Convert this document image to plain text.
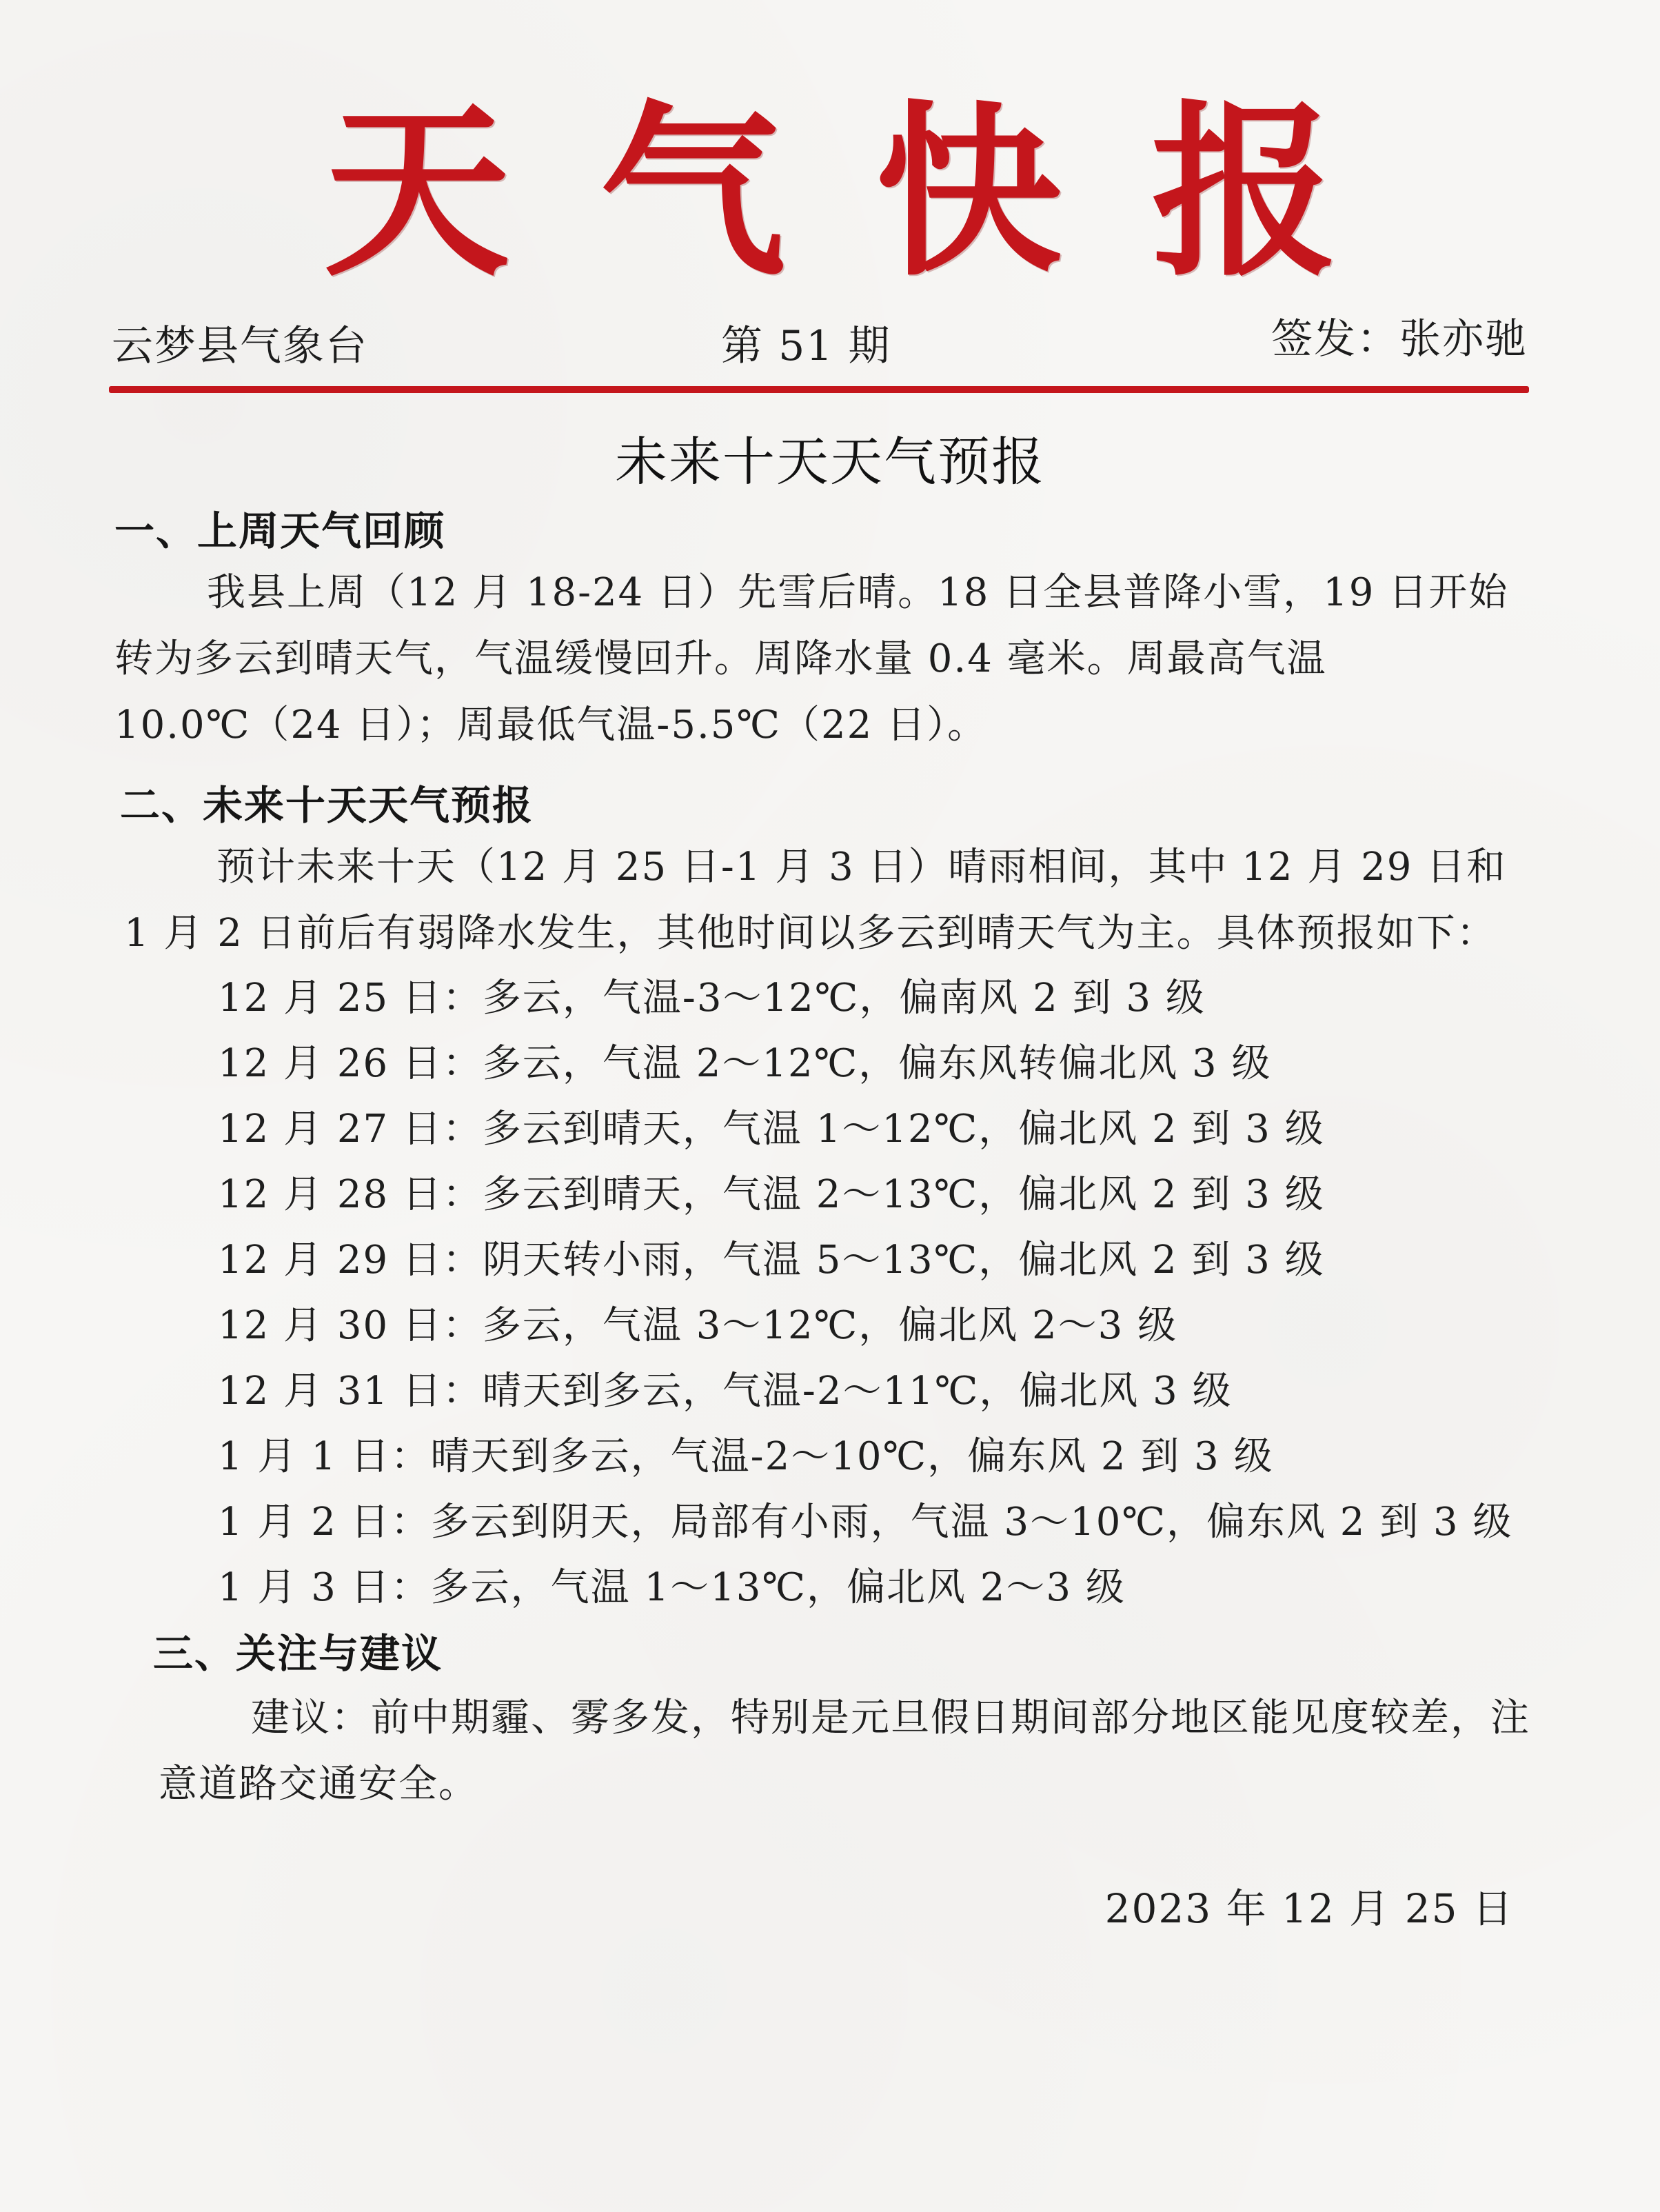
天 气 快 报
云梦县气象台	第 51 期	签发：张亦驰
未来十天天气预报
一、上周天气回顾
我县上周（12 月 18-24 日）先雪后晴。18 日全县普降小雪，19 日开始转为多云到晴天气，气温缓慢回升。周降水量 0.4 毫米。周最高气温 10.0℃（24 日）；周最低气温-5.5℃（22 日）。
二、未来十天天气预报
预计未来十天（12 月 25 日-1 月 3 日）晴雨相间，其中 12 月 29 日和 1 月 2 日前后有弱降水发生，其他时间以多云到晴天气为主。具体预报如下：
12 月 25 日：多云，气温-3～12℃，偏南风 2 到 3 级
12 月 26 日：多云，气温 2～12℃，偏东风转偏北风 3 级
12 月 27 日：多云到晴天，气温 1～12℃，偏北风 2 到 3 级
12 月 28 日：多云到晴天，气温 2～13℃，偏北风 2 到 3 级
12 月 29 日：阴天转小雨，气温 5～13℃，偏北风 2 到 3 级
12 月 30 日：多云，气温 3～12℃，偏北风 2～3 级
12 月 31 日：晴天到多云，气温-2～11℃，偏北风 3 级
1 月 1 日：晴天到多云，气温-2～10℃，偏东风 2 到 3 级
1 月 2 日：多云到阴天，局部有小雨，气温 3～10℃，偏东风 2 到 3 级
1 月 3 日：多云，气温 1～13℃，偏北风 2～3 级
三、关注与建议
建议：前中期霾、雾多发，特别是元旦假日期间部分地区能见度较差，注意道路交通安全。
2023 年 12 月 25 日
